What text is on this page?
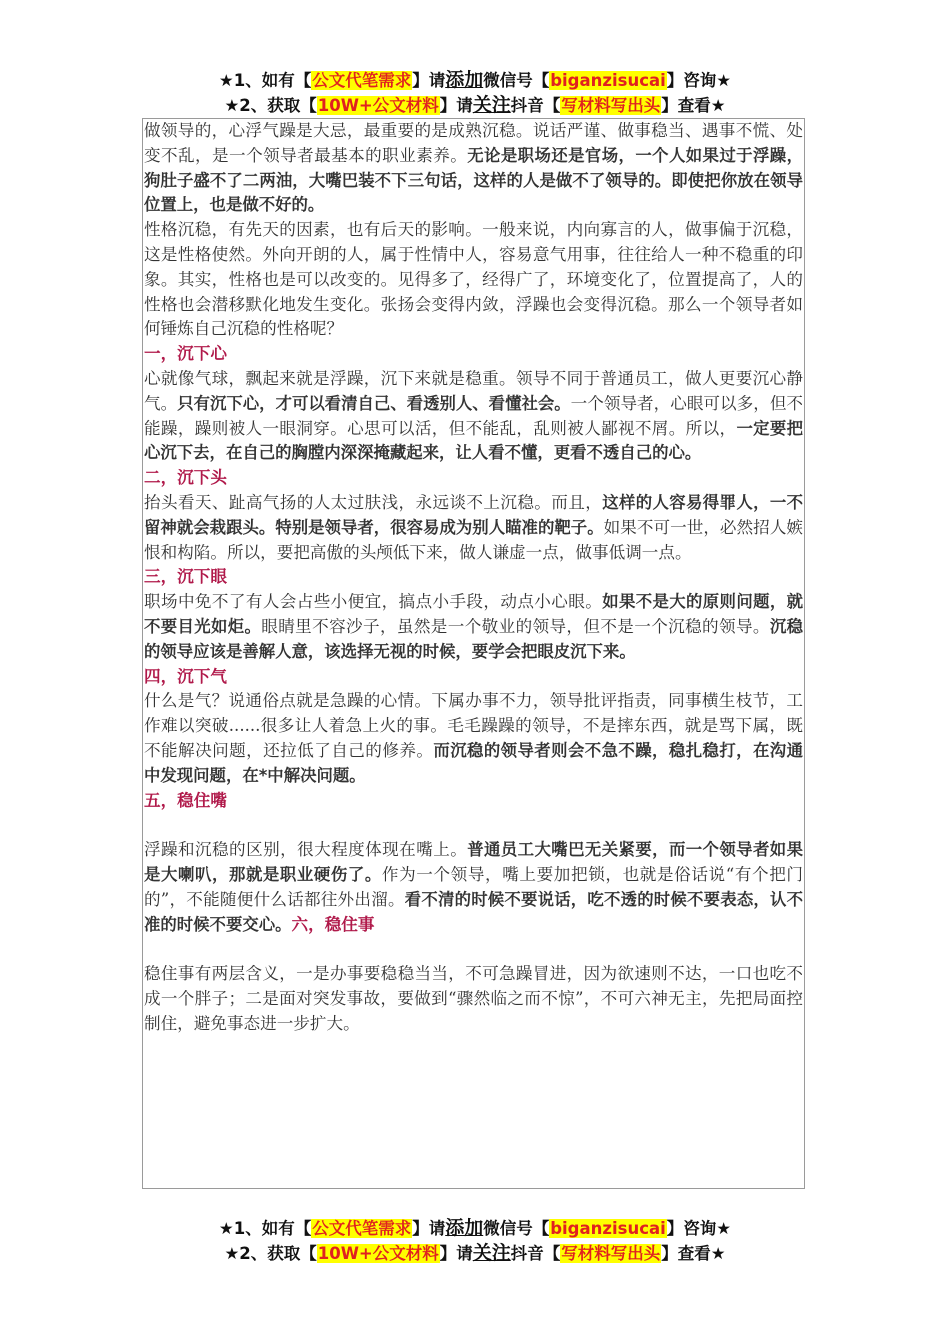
★1、如有【公文代笔需求】请添加微信号【biganzisucai】咨询★
★2、获取【10W+公文材料】请关注抖音【写材料写出头】查看★

做领导的，心浮气躁是大忌，最重要的是成熟沉稳。说话严谨、做事稳当、遇事不慌、处变不乱，是一个领导者最基本的职业素养。无论是职场还是官场，一个人如果过于浮躁，狗肚子盛不了二两油，大嘴巴装不下三句话，这样的人是做不了领导的。即使把你放在领导位置上，也是做不好的。

性格沉稳，有先天的因素，也有后天的影响。一般来说，内向寡言的人，做事偏于沉稳，这是性格使然。外向开朗的人，属于性情中人，容易意气用事，往往给人一种不稳重的印象。其实，性格也是可以改变的。见得多了，经得广了，环境变化了，位置提高了，人的性格也会潜移默化地发生变化。张扬会变得内敛，浮躁也会变得沉稳。那么一个领导者如何锤炼自己沉稳的性格呢？

一，沉下心

心就像气球，飘起来就是浮躁，沉下来就是稳重。领导不同于普通员工，做人更要沉心静气。只有沉下心，才可以看清自己、看透别人、看懂社会。一个领导者，心眼可以多，但不能躁，躁则被人一眼洞穿。心思可以活，但不能乱，乱则被人鄙视不屑。所以，一定要把心沉下去，在自己的胸膛内深深掩藏起来，让人看不懂，更看不透自己的心。

二，沉下头

抬头看天、趾高气扬的人太过肤浅，永远谈不上沉稳。而且，这样的人容易得罪人，一不留神就会栽跟头。特别是领导者，很容易成为别人瞄准的靶子。如果不可一世，必然招人嫉恨和构陷。所以，要把高傲的头颅低下来，做人谦虚一点，做事低调一点。

三，沉下眼

职场中免不了有人会占些小便宜，搞点小手段，动点小心眼。如果不是大的原则问题，就不要目光如炬。眼睛里不容沙子，虽然是一个敬业的领导，但不是一个沉稳的领导。沉稳的领导应该是善解人意，该选择无视的时候，要学会把眼皮沉下来。

四，沉下气

什么是气？说通俗点就是急躁的心情。下属办事不力，领导批评指责，同事横生枝节，工作难以突破......很多让人着急上火的事。毛毛躁躁的领导，不是摔东西，就是骂下属，既不能解决问题，还拉低了自己的修养。而沉稳的领导者则会不急不躁，稳扎稳打，在沟通中发现问题，在*中解决问题。

五，稳住嘴

浮躁和沉稳的区别，很大程度体现在嘴上。普通员工大嘴巴无关紧要，而一个领导者如果是大喇叭，那就是职业硬伤了。作为一个领导，嘴上要加把锁，也就是俗话说“有个把门的”，不能随便什么话都往外出溜。看不清的时候不要说话，吃不透的时候不要表态，认不准的时候不要交心。六，稳住事

稳住事有两层含义，一是办事要稳稳当当，不可急躁冒进，因为欲速则不达，一口也吃不成一个胖子；二是面对突发事故，要做到“骤然临之而不惊”，不可六神无主，先把局面控制住，避免事态进一步扩大。

★1、如有【公文代笔需求】请添加微信号【biganzisucai】咨询★
★2、获取【10W+公文材料】请关注抖音【写材料写出头】查看★
